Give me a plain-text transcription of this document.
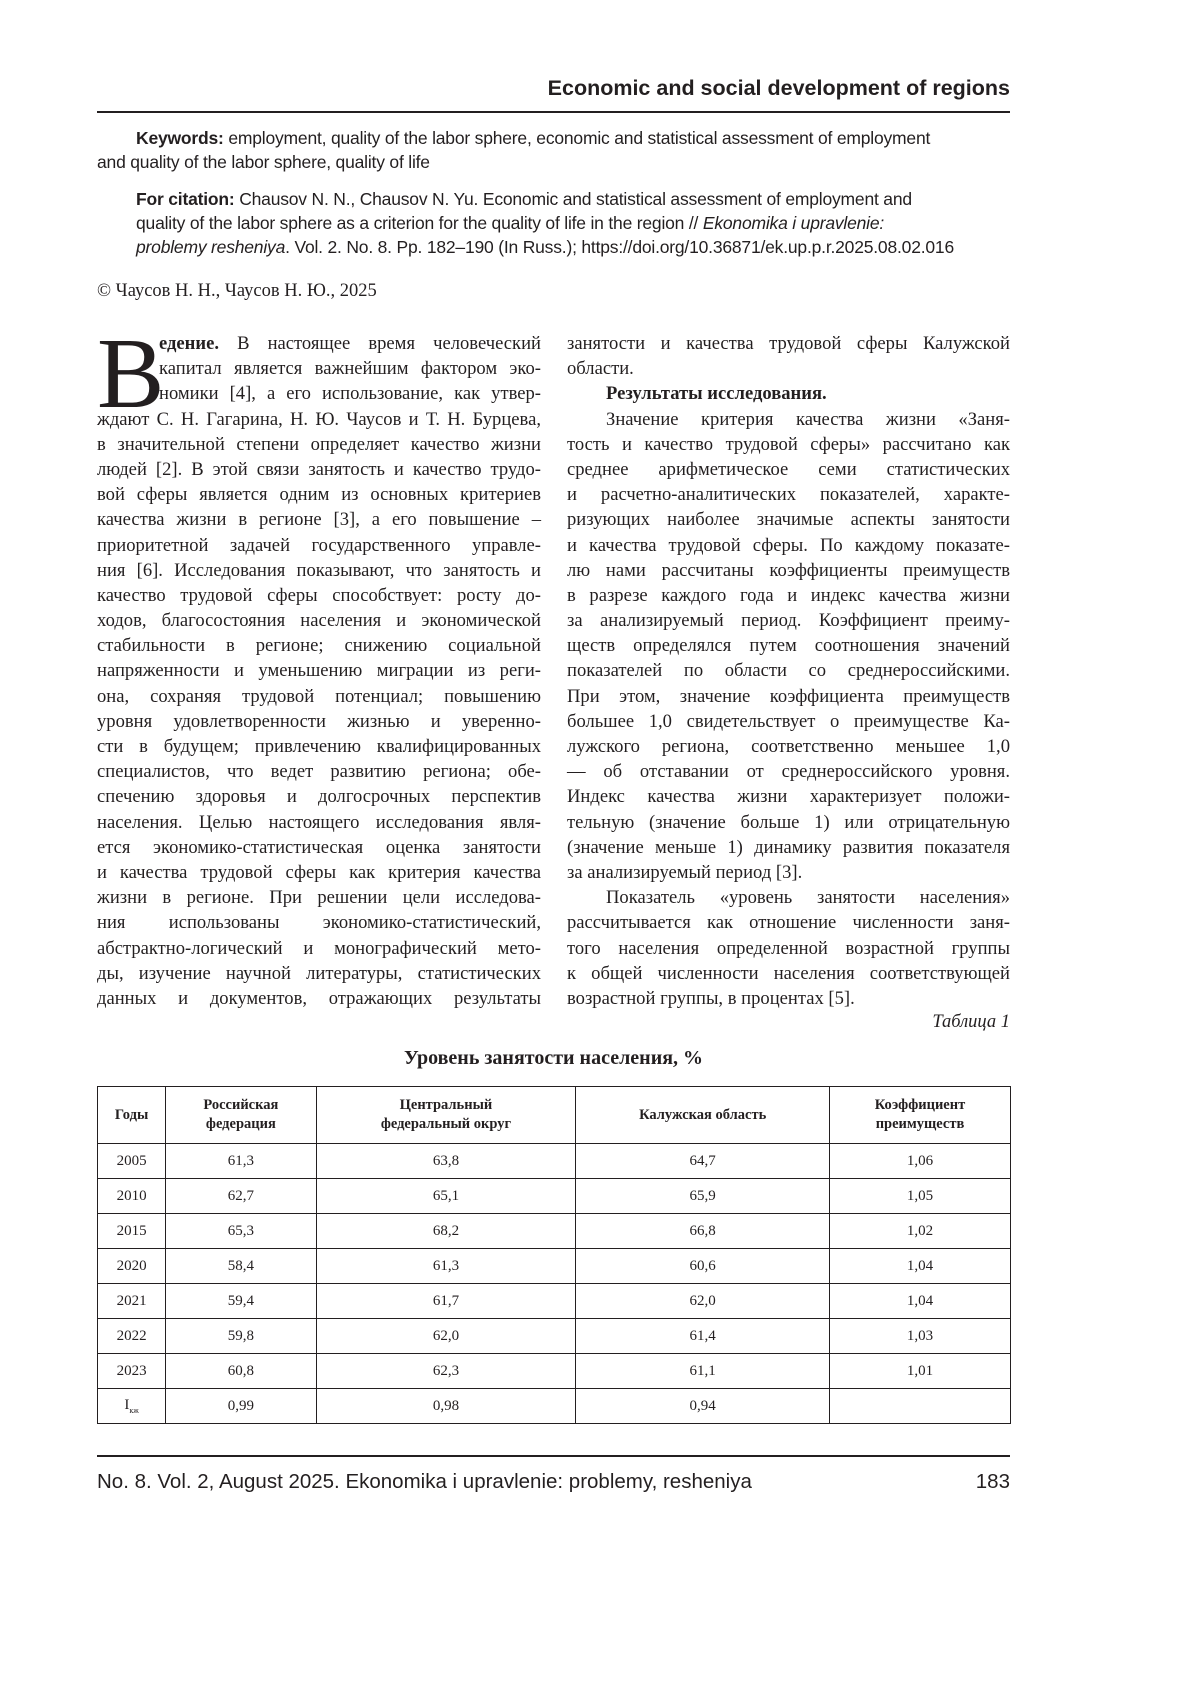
Economic and social development of regions
Keywords: employment, quality of the labor sphere, economic and statistical assessment of employment
and quality of the labor sphere, quality of life
For citation: Chausov N. N., Chausov N. Yu. Economic and statistical assessment of employment and
quality of the labor sphere as a criterion for the quality of life in the region // Ekonomika i upravlenie:
problemy resheniya. Vol. 2. No. 8. Pp. 182–190 (In Russ.); https://doi.org/10.36871/ek.up.p.r.2025.08.02.016
© Чаусов Н. Н., Чаусов Н. Ю., 2025
В
едение. В настоящее время человеческий
капитал является важнейшим фактором эко-
номики [4], а его использование, как утвер-
ждают С. Н. Гагарина, Н. Ю. Чаусов и Т. Н. Бурцева,
в значительной степени определяет качество жизни
людей [2]. В этой связи занятость и качество трудо-
вой сферы является одним из основных критериев
качества жизни в регионе [3], а его повышение –
приоритетной задачей государственного управле-
ния [6]. Исследования показывают, что занятость и
качество трудовой сферы способствует: росту до-
ходов, благосостояния населения и экономической
стабильности в регионе; снижению социальной
напряженности и уменьшению миграции из реги-
она, сохраняя трудовой потенциал; повышению
уровня удовлетворенности жизнью и уверенно-
сти в будущем; привлечению квалифицированных
специалистов, что ведет развитию региона; обе-
спечению здоровья и долгосрочных перспектив
населения. Целью настоящего исследования явля-
ется экономико-статистическая оценка занятости
и качества трудовой сферы как критерия качества
жизни в регионе. При решении цели исследова-
ния использованы экономико-статистический,
абстрактно-логический и монографический мето-
ды, изучение научной литературы, статистических
данных и документов, отражающих результаты
занятости и качества трудовой сферы Калужской
области.
Результаты исследования.
Значение критерия качества жизни «Заня-
тость и качество трудовой сферы» рассчитано как
среднее арифметическое семи статистических
и расчетно-аналитических показателей, характе-
ризующих наиболее значимые аспекты занятости
и качества трудовой сферы. По каждому показате-
лю нами рассчитаны коэффициенты преимуществ
в разрезе каждого года и индекс качества жизни
за анализируемый период. Коэффициент преиму-
ществ определялся путем соотношения значений
показателей по области со среднероссийскими.
При этом, значение коэффициента преимуществ
большее 1,0 свидетельствует о преимуществе Ка-
лужского региона, соответственно меньшее 1,0
— об отставании от среднероссийского уровня.
Индекс качества жизни характеризует положи-
тельную (значение больше 1) или отрицательную
(значение меньше 1) динамику развития показателя
за анализируемый период [3].
Показатель «уровень занятости населения»
рассчитывается как отношение численности заня-
того населения определенной возрастной группы
к общей численности населения соответствующей
возрастной группы, в процентах [5].
Таблица 1
Уровень занятости населения, %
Годы	Российская
федерация	Центральный
федеральный округ	Калужская область	Коэффициент
преимуществ
2005	61,3	63,8	64,7	1,06
2010	62,7	65,1	65,9	1,05
2015	65,3	68,2	66,8	1,02
2020	58,4	61,3	60,6	1,04
2021	59,4	61,7	62,0	1,04
2022	59,8	62,0	61,4	1,03
2023	60,8	62,3	61,1	1,01
Iкж	0,99	0,98	0,94	
No. 8. Vol. 2, August 2025. Ekonomika i upravlenie: problemy, resheniya	183
